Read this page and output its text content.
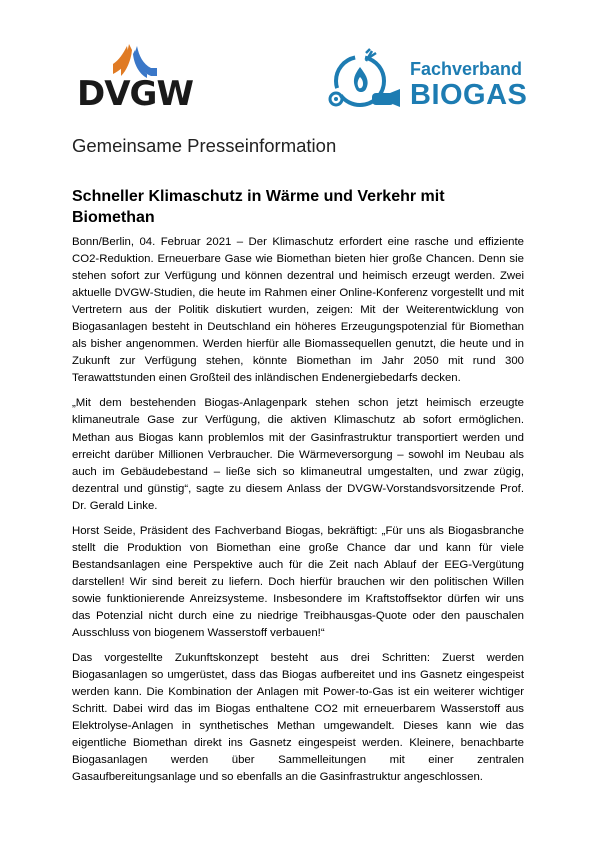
DVGW
Fachverband
BIOGAS
Gemeinsame Presseinformation
Schneller Klimaschutz in Wärme und Verkehr mit Biomethan

Bonn/Berlin, 04. Februar 2021 – Der Klimaschutz erfordert eine rasche und effiziente CO2-Reduktion. Erneuerbare Gase wie Biomethan bieten hier große Chancen. Denn sie stehen sofort zur Verfügung und können dezentral und heimisch erzeugt werden. Zwei aktuelle DVGW-Studien, die heute im Rahmen einer Online-Konferenz vorgestellt und mit Vertretern aus der Politik diskutiert wurden, zeigen: Mit der Weiterentwicklung von Biogasanlagen besteht in Deutschland ein höheres Erzeugungspotenzial für Biomethan als bisher angenommen. Werden hierfür alle Biomassequellen genutzt, die heute und in Zukunft zur Verfügung stehen, könnte Biomethan im Jahr 2050 mit rund 300 Terawattstunden einen Großteil des inländischen Endenergiebedarfs decken.

„Mit dem bestehenden Biogas-Anlagenpark stehen schon jetzt heimisch erzeugte klimaneutrale Gase zur Verfügung, die aktiven Klimaschutz ab sofort ermöglichen. Methan aus Biogas kann problemlos mit der Gasinfrastruktur transportiert werden und erreicht darüber Millionen Verbraucher. Die Wärmeversorgung – sowohl im Neubau als auch im Gebäudebestand – ließe sich so klimaneutral umgestalten, und zwar zügig, dezentral und günstig“, sagte zu diesem Anlass der DVGW-Vorstandsvorsitzende Prof. Dr. Gerald Linke.

Horst Seide, Präsident des Fachverband Biogas, bekräftigt: „Für uns als Biogasbranche stellt die Produktion von Biomethan eine große Chance dar und kann für viele Bestandsanlagen eine Perspektive auch für die Zeit nach Ablauf der EEG-Vergütung darstellen! Wir sind bereit zu liefern. Doch hierfür brauchen wir den politischen Willen sowie funktionierende Anreizsysteme. Insbesondere im Kraftstoffsektor dürfen wir uns das Potenzial nicht durch eine zu niedrige Treibhausgas-Quote oder den pauschalen Ausschluss von biogenem Wasserstoff verbauen!“

Das vorgestellte Zukunftskonzept besteht aus drei Schritten: Zuerst werden Biogasanlagen so umgerüstet, dass das Biogas aufbereitet und ins Gasnetz eingespeist werden kann. Die Kombination der Anlagen mit Power-to-Gas ist ein weiterer wichtiger Schritt. Dabei wird das im Biogas enthaltene CO2 mit erneuerbarem Wasserstoff aus Elektrolyse-Anlagen in synthetisches Methan umgewandelt. Dieses kann wie das eigentliche Biomethan direkt ins Gasnetz eingespeist werden. Kleinere, benachbarte Biogasanlagen werden über Sammelleitungen mit einer zentralen Gasaufbereitungsanlage und so ebenfalls an die Gasinfrastruktur angeschlossen.
